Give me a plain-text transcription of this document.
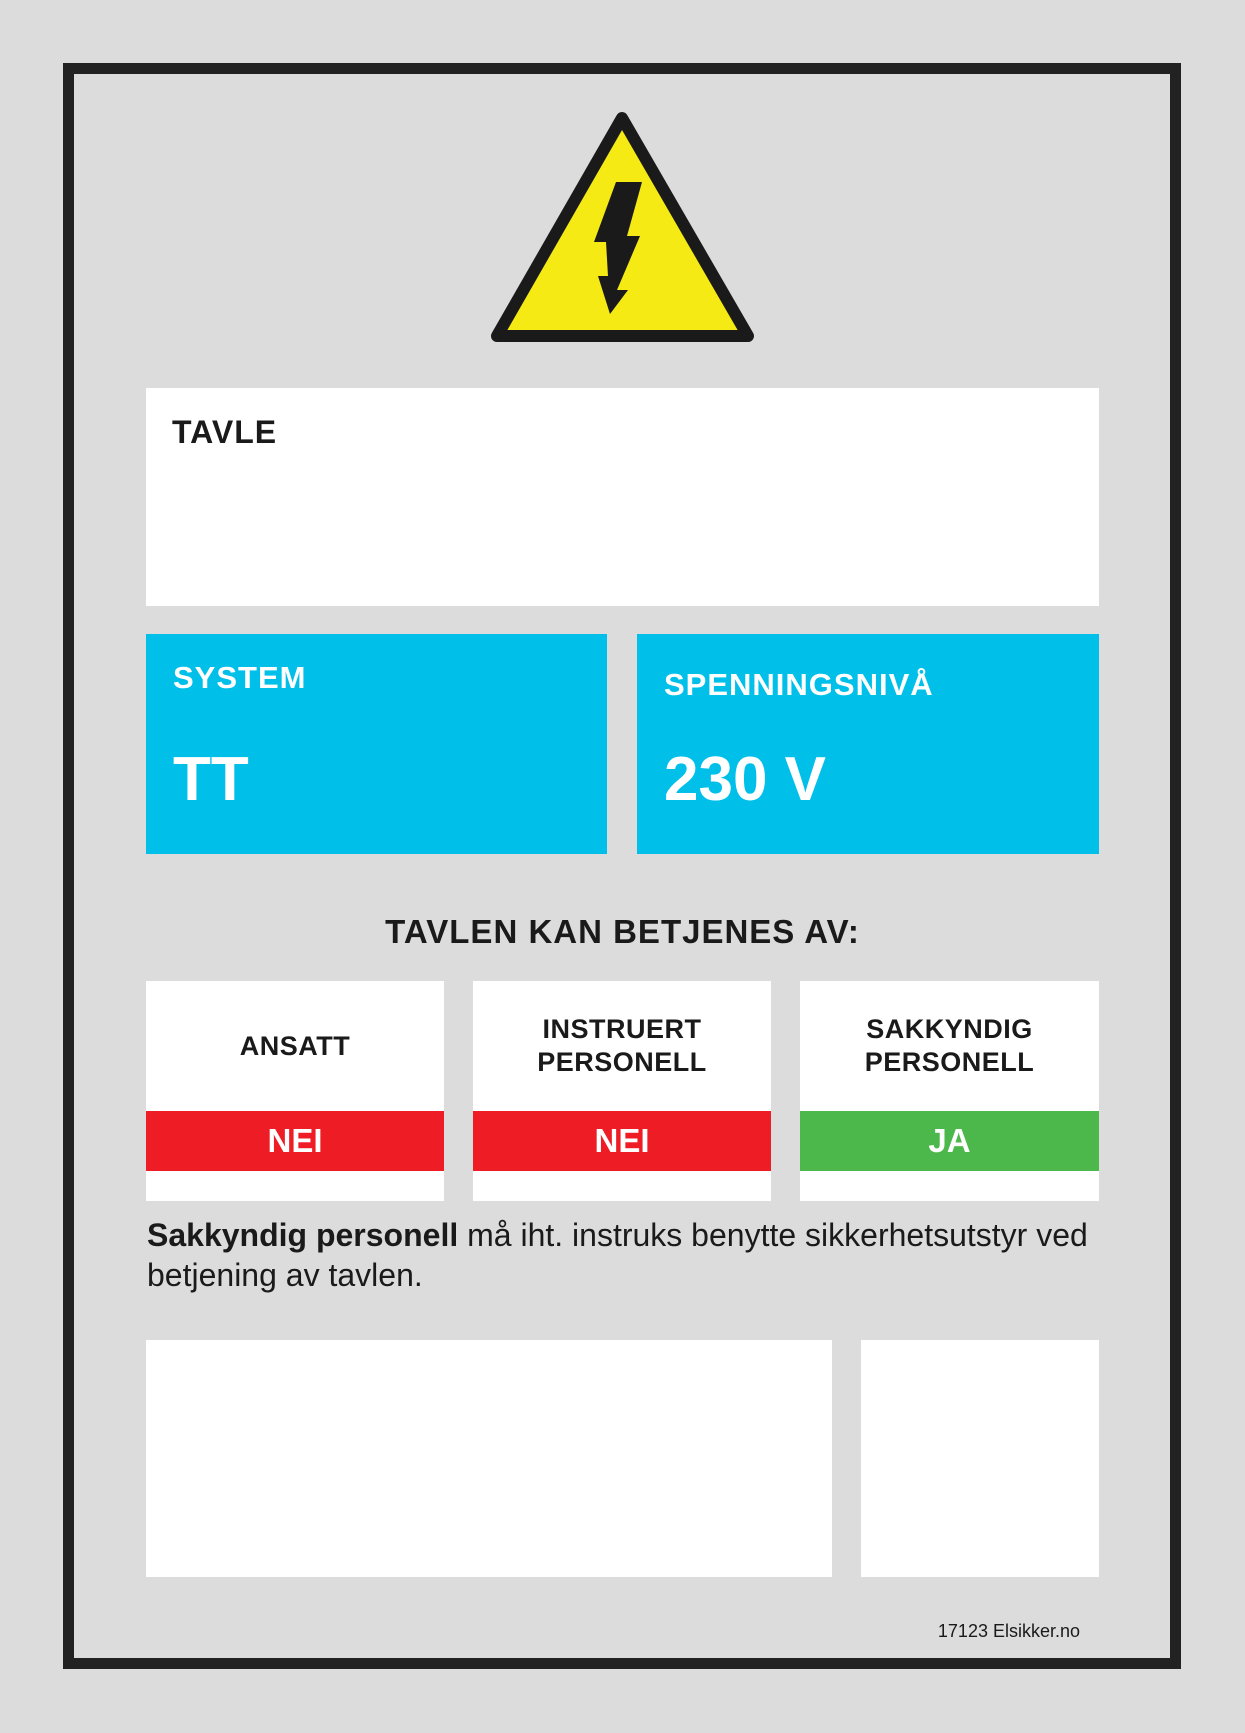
TAVLE
SYSTEM
TT
SPENNINGSNIVÅ
230 V
TAVLEN KAN BETJENES AV:
ANSATT
NEI
INSTRUERT
PERSONELL
NEI
SAKKYNDIG
PERSONELL
JA
Sakkyndig personell må iht. instruks benytte sikkerhetsutstyr ved betjening av tavlen.
17123 Elsikker.no
